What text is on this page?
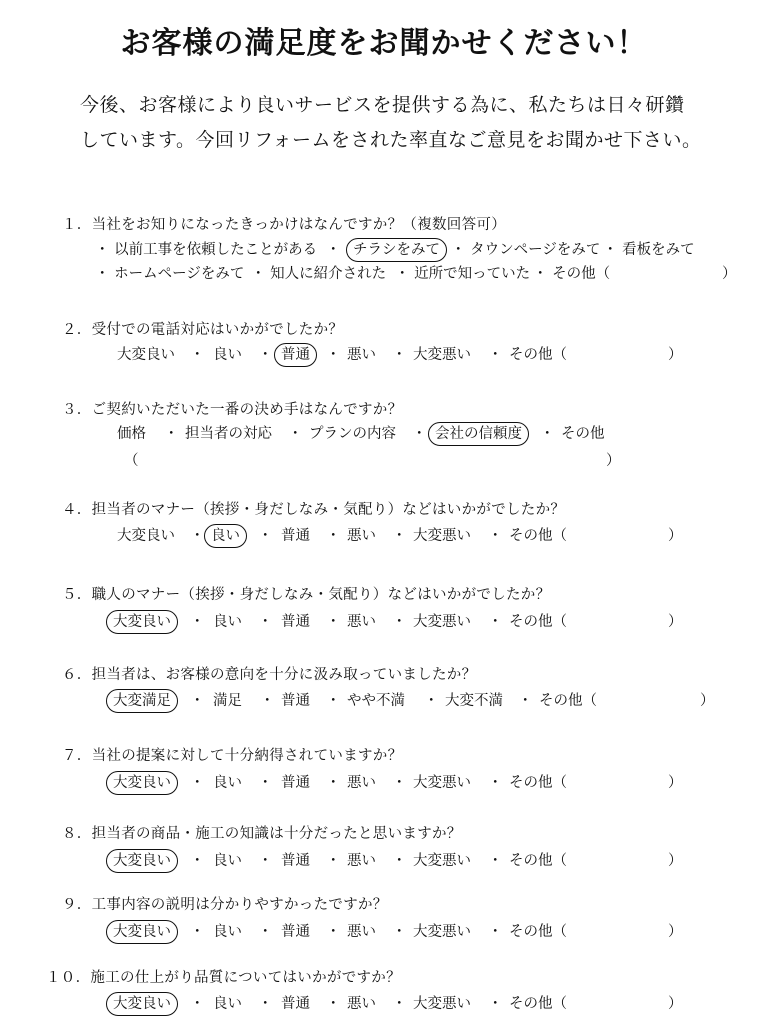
お客様の満足度をお聞かせください！
今後、お客様により良いサービスを提供する為に、私たちは日々研鑽
しています。今回リフォームをされた率直なご意見をお聞かせ下さい。
１．当社をお知りになったきっかけはなんですか？（複数回答可）
・ 以前工事を依頼したことがある ・ チラシをみて ・ タウンページをみて ・ 看板をみて
・ ホームページをみて ・ 知人に紹介された ・ 近所で知っていた ・ その他（	）
２．受付での電話対応はいかがでしたか？
大変良い ・ 良い ・ 普通	・ 悪い ・ 大変悪い ・ その他（	）
３．ご契約いただいた一番の決め手はなんですか？
価格 ・ 担当者の対応 ・ プランの内容 ・ 会社の信頼度	・ その他
（	）
４．担当者のマナー（挨拶・身だしなみ・気配り）などはいかがでしたか？
大変良い ・ 良い	・ 普通 ・ 悪い ・ 大変悪い ・ その他（	）
５．職人のマナー（挨拶・身だしなみ・気配り）などはいかがでしたか？
大変良い	・ 良い ・ 普通 ・ 悪い ・ 大変悪い ・ その他（	）
６．担当者は、お客様の意向を十分に汲み取っていましたか？
大変満足	・ 満足 ・ 普通 ・ やや不満 ・ 大変不満 ・ その他（	）
７．当社の提案に対して十分納得されていますか？
大変良い	・ 良い ・ 普通 ・ 悪い ・ 大変悪い ・ その他（	）
８．担当者の商品・施工の知識は十分だったと思いますか？
大変良い	・ 良い ・ 普通 ・ 悪い ・ 大変悪い ・ その他（	）
９．工事内容の説明は分かりやすかったですか？
大変良い	・ 良い ・ 普通 ・ 悪い ・ 大変悪い ・ その他（	）
１０．施工の仕上がり品質についてはいかがですか？
大変良い	・ 良い ・ 普通 ・ 悪い ・ 大変悪い ・ その他（	）
